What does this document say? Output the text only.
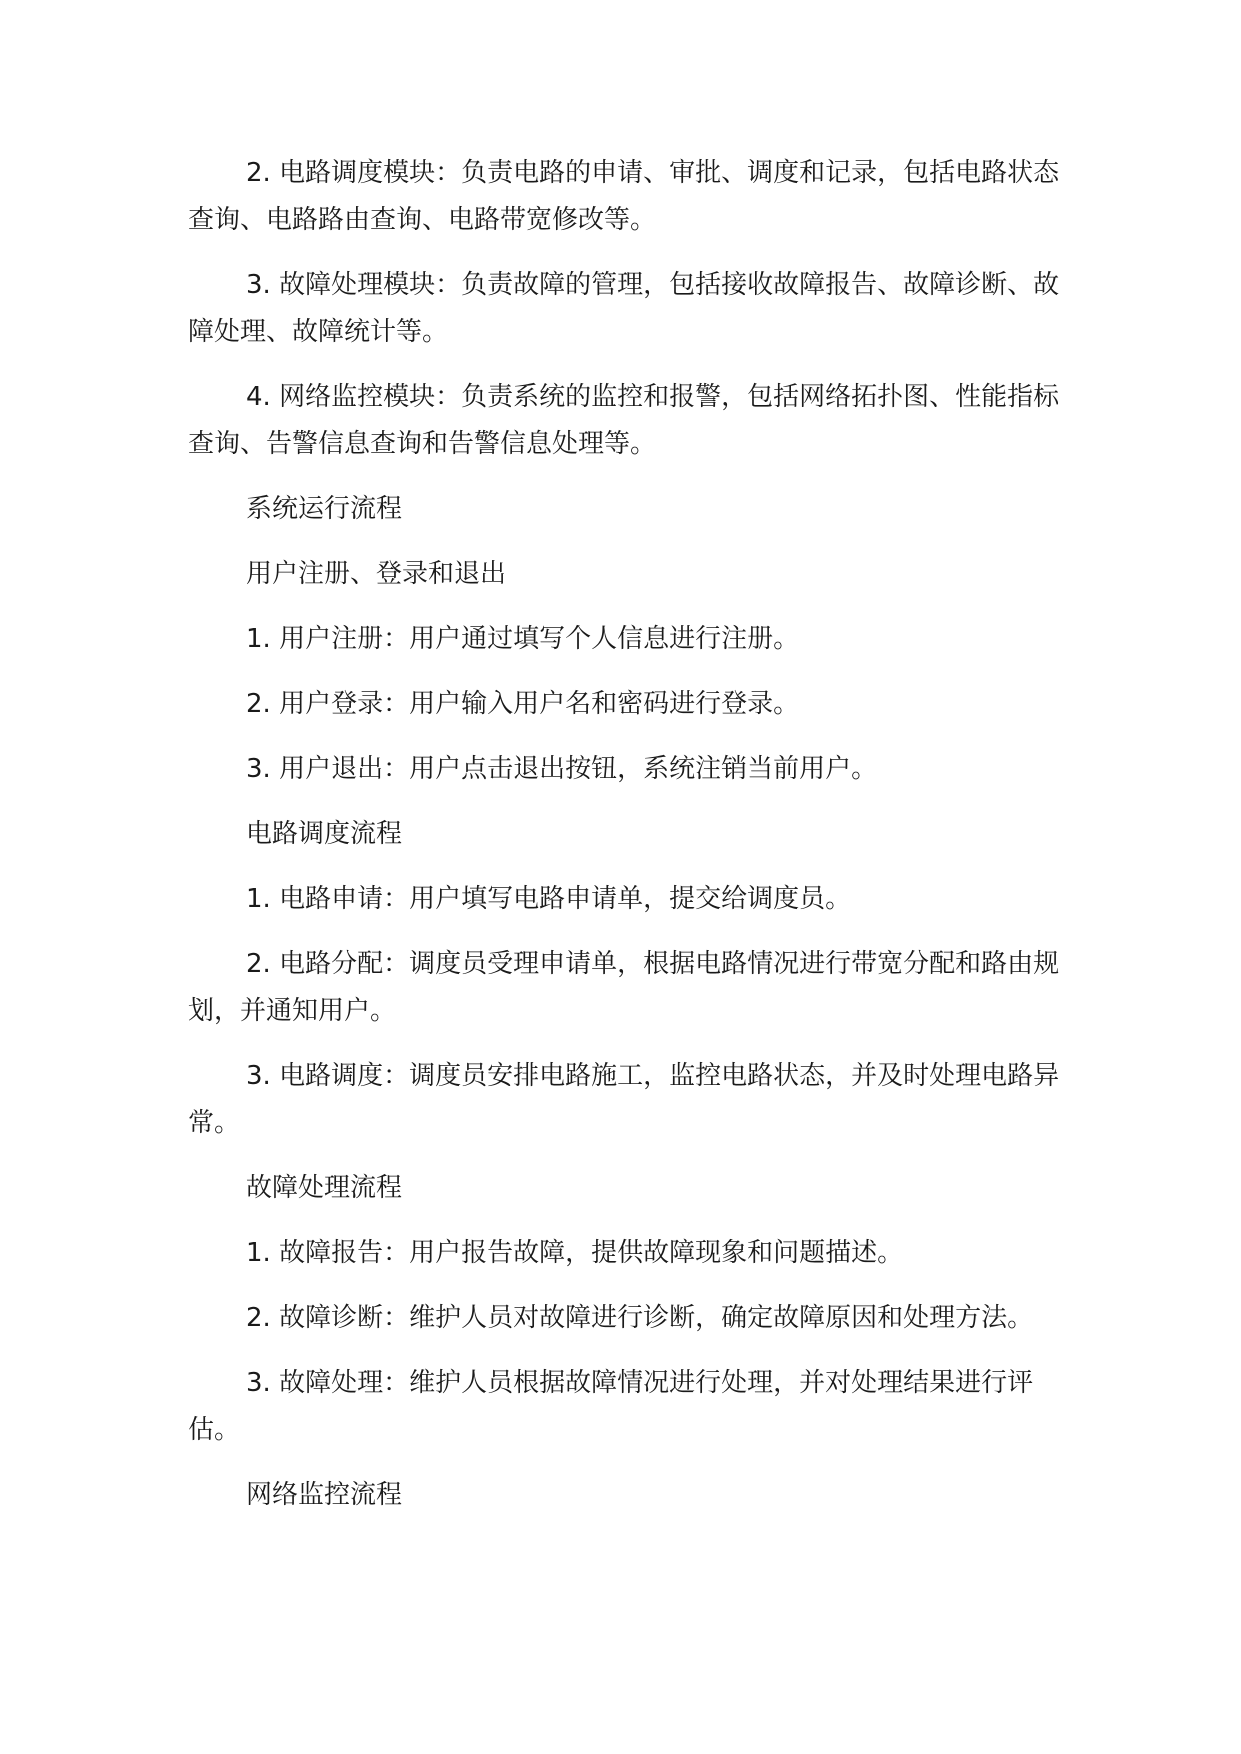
2. 电路调度模块：负责电路的申请、审批、调度和记录，包括电路状态查询、电路路由查询、电路带宽修改等。

3. 故障处理模块：负责故障的管理，包括接收故障报告、故障诊断、故障处理、故障统计等。

4. 网络监控模块：负责系统的监控和报警，包括网络拓扑图、性能指标查询、告警信息查询和告警信息处理等。

系统运行流程

用户注册、登录和退出

1. 用户注册：用户通过填写个人信息进行注册。

2. 用户登录：用户输入用户名和密码进行登录。

3. 用户退出：用户点击退出按钮，系统注销当前用户。

电路调度流程

1. 电路申请：用户填写电路申请单，提交给调度员。

2. 电路分配：调度员受理申请单，根据电路情况进行带宽分配和路由规划，并通知用户。

3. 电路调度：调度员安排电路施工，监控电路状态，并及时处理电路异常。

故障处理流程

1. 故障报告：用户报告故障，提供故障现象和问题描述。

2. 故障诊断：维护人员对故障进行诊断，确定故障原因和处理方法。

3. 故障处理：维护人员根据故障情况进行处理，并对处理结果进行评估。

网络监控流程
